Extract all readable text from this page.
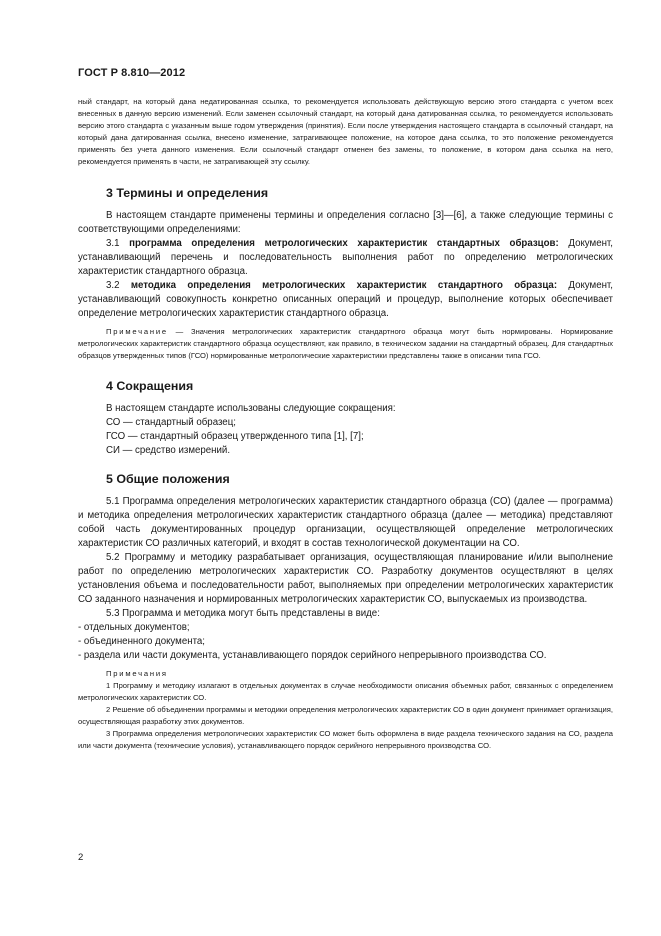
ГОСТ Р 8.810—2012

ный стандарт, на который дана недатированная ссылка, то рекомендуется использовать действующую версию этого стандарта с учетом всех внесенных в данную версию изменений. Если заменен ссылочный стандарт, на который дана датированная ссылка, то рекомендуется использовать версию этого стандарта с указанным выше годом утверждения (принятия). Если после утверждения настоящего стандарта в ссылочный стандарт, на который дана датированная ссылка, внесено изменение, затрагивающее положение, на которое дана ссылка, то это положение рекомендуется применять без учета данного изменения. Если ссылочный стандарт отменен без замены, то положение, в котором дана ссылка на него, рекомендуется применять в части, не затрагивающей эту ссылку.

3 Термины и определения

В настоящем стандарте применены термины и определения согласно [3]—[6], а также следующие термины с соответствующими определениями:

3.1 программа определения метрологических характеристик стандартных образцов: Документ, устанавливающий перечень и последовательность выполнения работ по определению метрологических характеристик стандартного образца.

3.2 методика определения метрологических характеристик стандартного образца: Документ, устанавливающий совокупность конкретно описанных операций и процедур, выполнение которых обеспечивает определение метрологических характеристик стандартного образца.

Примечание — Значения метрологических характеристик стандартного образца могут быть нормированы. Нормирование метрологических характеристик стандартного образца осуществляют, как правило, в техническом задании на стандартный образец. Для стандартных образцов утвержденных типов (ГСО) нормированные метрологические характеристики представлены также в описании типа ГСО.

4 Сокращения

В настоящем стандарте использованы следующие сокращения:

СО — стандартный образец;

ГСО — стандартный образец утвержденного типа [1], [7];

СИ — средство измерений.

5 Общие положения

5.1 Программа определения метрологических характеристик стандартного образца (СО) (далее — программа) и методика определения метрологических характеристик стандартного образца (далее — методика) представляют собой часть документированных процедур организации, осуществляющей определение метрологических характеристик СО различных категорий, и входят в состав технологической документации на СО.

5.2 Программу и методику разрабатывает организация, осуществляющая планирование и/или выполнение работ по определению метрологических характеристик СО. Разработку документов осуществляют в целях установления объема и последовательности работ, выполняемых при определении метрологических характеристик СО заданного назначения и нормированных метрологических характеристик СО, выпускаемых из производства.

5.3 Программа и методика могут быть представлены в виде:

- отдельных документов;

- объединенного документа;

- раздела или части документа, устанавливающего порядок серийного непрерывного производства СО.

Примечания

1 Программу и методику излагают в отдельных документах в случае необходимости описания объемных работ, связанных с определением метрологических характеристик СО.

2 Решение об объединении программы и методики определения метрологических характеристик СО в один документ принимает организация, осуществляющая разработку этих документов.

3 Программа определения метрологических характеристик СО может быть оформлена в виде раздела технического задания на СО, раздела или части документа (технические условия), устанавливающего порядок серийного непрерывного производства СО.

2
